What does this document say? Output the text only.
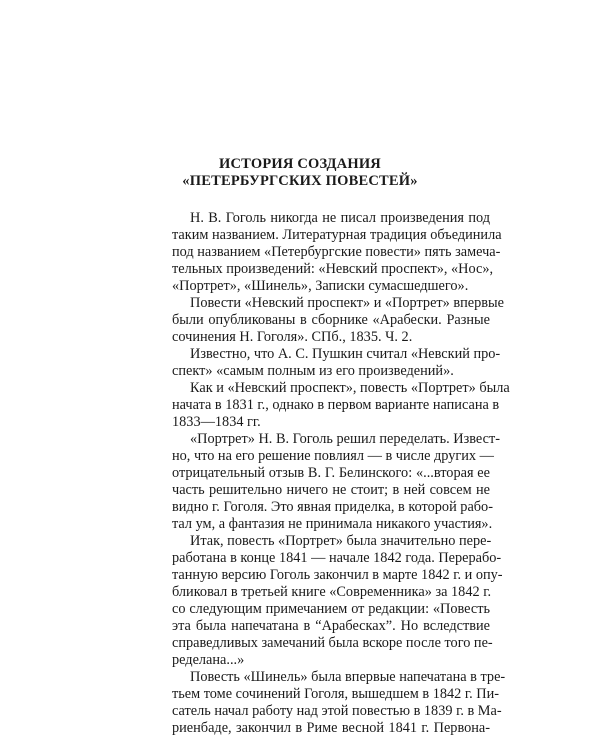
ИСТОРИЯ СОЗДАНИЯ
«ПЕТЕРБУРГСКИХ ПОВЕСТЕЙ»
Н. В. Гоголь никогда не писал произведения под
таким названием. Литературная традиция объединила
под названием «Петербургские повести» пять замеча-
тельных произведений: «Невский проспект», «Нос»,
«Портрет», «Шинель», Записки сумасшедшего».
Повести «Невский проспект» и «Портрет» впервые
были опубликованы в сборнике «Арабески. Разные
сочинения Н. Гоголя». СПб., 1835. Ч. 2.
Известно, что А. С. Пушкин считал «Невский про-
спект» «самым полным из его произведений».
Как и «Невский проспект», повесть «Портрет» была
начата в 1831 г., однако в первом варианте написана в
1833—1834 гг.
«Портрет» Н. В. Гоголь решил переделать. Извест-
но, что на его решение повлиял — в числе других —
отрицательный отзыв В. Г. Белинского: «...вторая ее
часть решительно ничего не стоит; в ней совсем не
видно г. Гоголя. Это явная приделка, в которой рабо-
тал ум, а фантазия не принимала никакого участия».
Итак, повесть «Портрет» была значительно пере-
работана в конце 1841 — начале 1842 года. Перерабо-
танную версию Гоголь закончил в марте 1842 г. и опу-
бликовал в третьей книге «Современника» за 1842 г.
со следующим примечанием от редакции: «Повесть
эта была напечатана в “Арабесках”. Но вследствие
справедливых замечаний была вскоре после того пе-
ределана...»
Повесть «Шинель» была впервые напечатана в тре-
тьем томе сочинений Гоголя, вышедшем в 1842 г. Пи-
сатель начал работу над этой повестью в 1839 г. в Ма-
риенбаде, закончил в Риме весной 1841 г. Первона-
